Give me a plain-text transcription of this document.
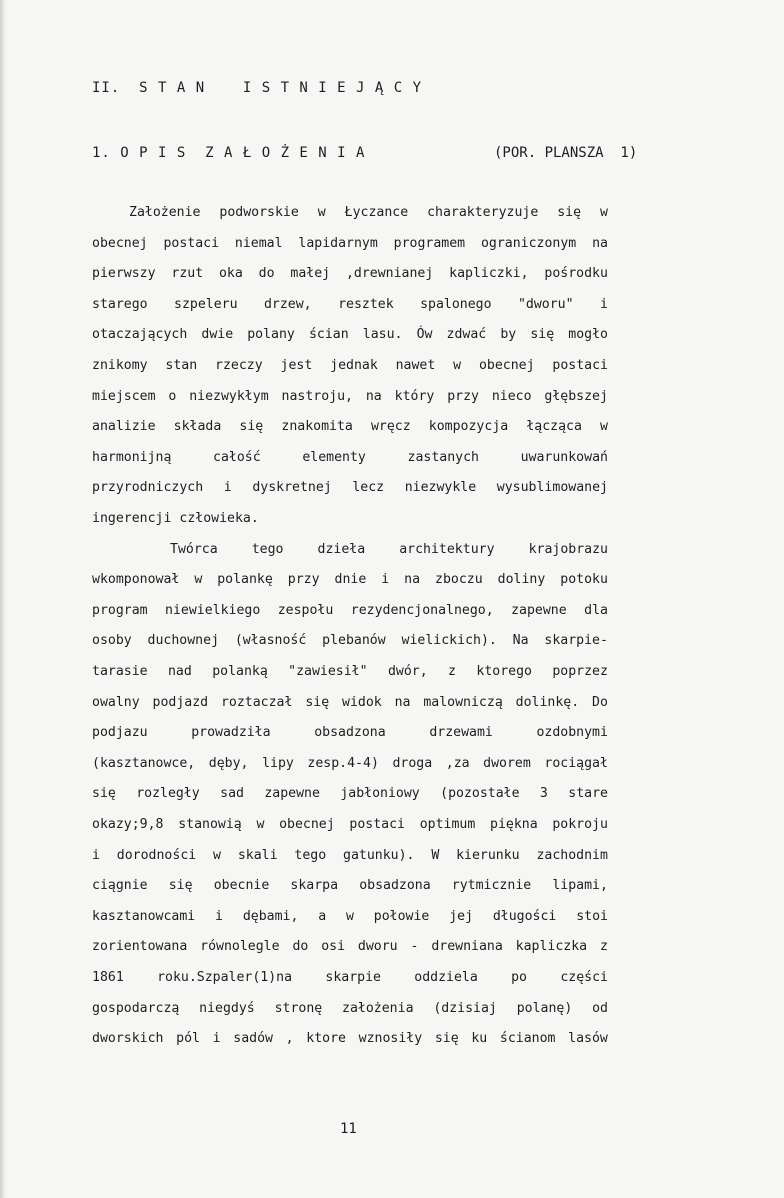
II.  S T A N    I S T N I E J Ą C Y
1. O P I S  Z A Ł O Ż E N I A	(POR. PLANSZA  1)
Założenie podworskie w Łyczance charakteryzuje się w
obecnej postaci niemal lapidarnym programem ograniczonym na
pierwszy rzut oka do małej ,drewnianej kapliczki, pośrodku
starego szpeleru drzew, resztek spalonego "dworu" i
otaczających dwie polany ścian lasu. Ów zdwać by się mogło
znikomy stan rzeczy jest jednak nawet w obecnej postaci
miejscem o niezwykłym nastroju, na który przy nieco głębszej
analizie składa się znakomita wręcz kompozycja łącząca w
harmonijną	całość	elementy	zastanych	uwarunkowań
przyrodniczych i dyskretnej lecz niezwykle wysublimowanej
ingerencji człowieka.
Twórca	tego	dzieła	architektury	krajobrazu
wkomponował w polankę przy dnie i na zboczu doliny potoku
program niewielkiego zespołu rezydencjonalnego, zapewne dla
osoby duchownej (własność plebanów wielickich). Na skarpie-
tarasie nad polanką "zawiesił" dwór, z ktorego poprzez
owalny podjazd roztaczał się widok na malowniczą dolinkę. Do
podjazu	prowadziła	obsadzona	drzewami	ozdobnymi
(kasztanowce, dęby, lipy zesp.4-4) droga ,za dworem rociągał
się rozległy sad zapewne jabłoniowy (pozostałe 3 stare
okazy;9,8 stanowią w obecnej postaci optimum piękna pokroju
i dorodności w skali tego gatunku). W kierunku zachodnim
ciągnie się obecnie skarpa obsadzona rytmicznie lipami,
kasztanowcami i dębami, a w połowie jej długości stoi
zorientowana równolegle do osi dworu - drewniana kapliczka z
1861	roku.Szpaler(1)na	skarpie	oddziela	po	części
gospodarczą niegdyś stronę założenia (dzisiaj polanę) od
dworskich pól i sadów , ktore wznosiły się ku ścianom lasów
11
